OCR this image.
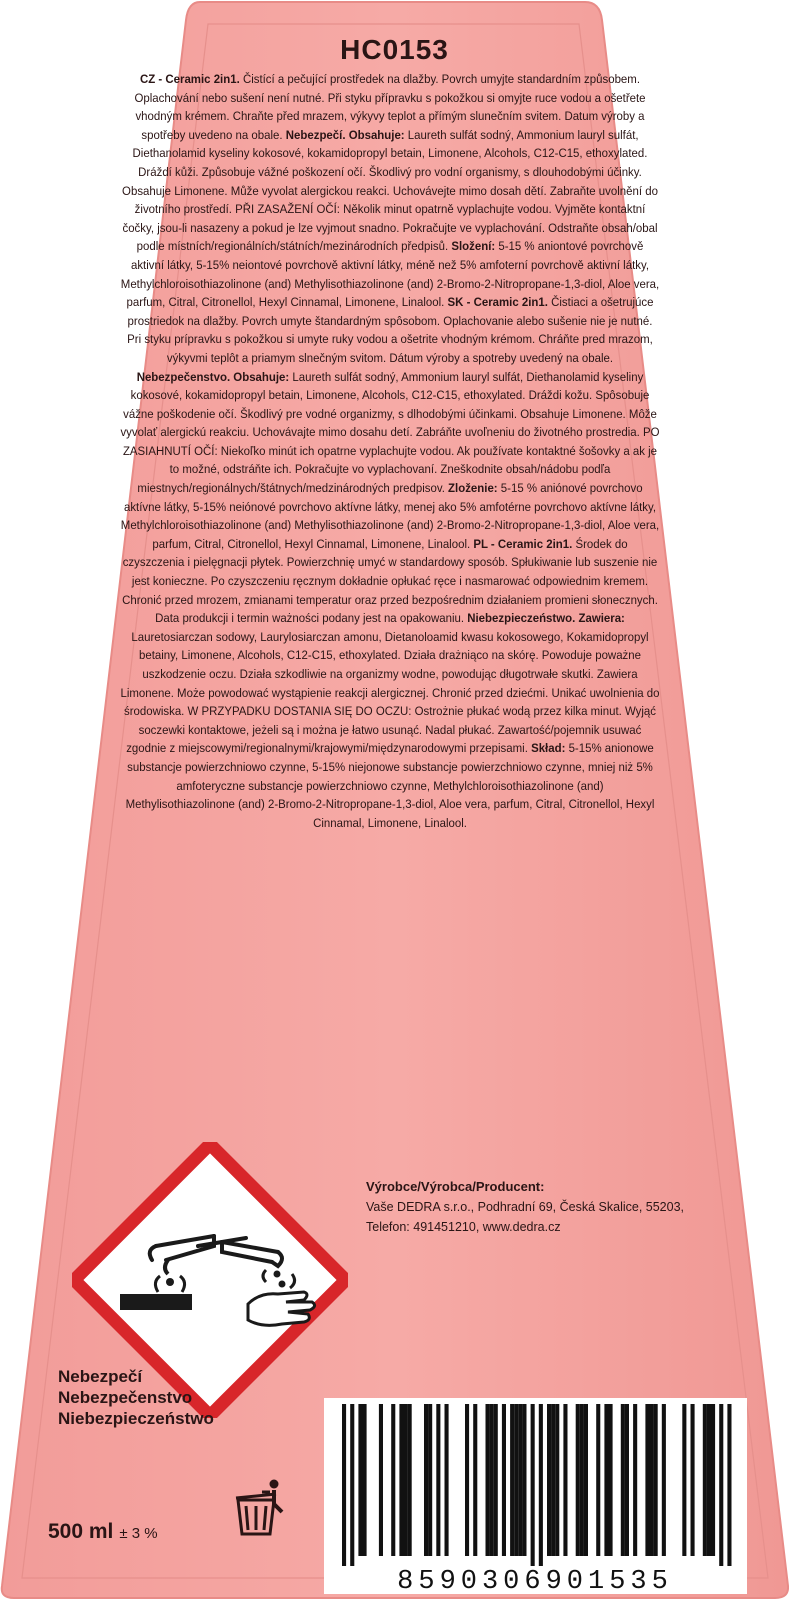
HC0153
CZ - Ceramic 2in1. Čistící a pečující prostředek na dlažby. Povrch umyjte standardním způsobem. Oplachování nebo sušení není nutné. Při styku přípravku s pokožkou si omyjte ruce vodou a ošetřete vhodným krémem. Chraňte před mrazem, výkyvy teplot a přímým slunečním svitem. Datum výroby a spotřeby uvedeno na obale. Nebezpečí. Obsahuje: Laureth sulfát sodný, Ammonium lauryl sulfát, Diethanolamid kyseliny kokosové, kokamidopropyl betain, Limonene, Alcohols, C12-C15, ethoxylated. Dráždí kůži. Způsobuje vážné poškození očí. Škodlivý pro vodní organismy, s dlouhodobými účinky. Obsahuje Limonene. Může vyvolat alergickou reakci. Uchovávejte mimo dosah dětí. Zabraňte uvolnění do životního prostředí. PŘI ZASAŽENÍ OČÍ: Několik minut opatrně vyplachujte vodou. Vyjměte kontaktní čočky, jsou-li nasazeny a pokud je lze vyjmout snadno. Pokračujte ve vyplachování. Odstraňte obsah/obal podle místních/regionálních/státních/mezinárodních předpisů. Složení: 5-15 % aniontové povrchově aktivní látky, 5-15% neiontové povrchově aktivní látky, méně než 5% amfoterní povrchově aktivní látky, Methylchloroisothiazolinone (and) Methylisothiazolinone (and) 2-Bromo-2-Nitropropane-1,3-diol, Aloe vera, parfum, Citral, Citronellol, Hexyl Cinnamal, Limonene, Linalool. SK - Ceramic 2in1. Čistiaci a ošetrujúce prostriedok na dlažby. Povrch umyte štandardným spôsobom. Oplachovanie alebo sušenie nie je nutné. Pri styku prípravku s pokožkou si umyte ruky vodou a ošetrite vhodným krémom. Chráňte pred mrazom, výkyvmi teplôt a priamym slnečným svitom. Dátum výroby a spotreby uvedený na obale. Nebezpečenstvo. Obsahuje: Laureth sulfát sodný, Ammonium lauryl sulfát, Diethanolamid kyseliny kokosové, kokamidopropyl betain, Limonene, Alcohols, C12-C15, ethoxylated. Dráždi kožu. Spôsobuje vážne poškodenie očí. Škodlivý pre vodné organizmy, s dlhodobými účinkami. Obsahuje Limonene. Môže vyvolať alergickú reakciu. Uchovávajte mimo dosahu detí. Zabráňte uvoľneniu do životného prostredia. PO ZASIAHNUTÍ OČÍ: Niekoľko minút ich opatrne vyplachujte vodou. Ak používate kontaktné šošovky a ak je to možné, odstráňte ich. Pokračujte vo vyplachovaní. Zneškodnite obsah/nádobu podľa miestnych/regionálnych/štátnych/medzinárodných predpisov. Zloženie: 5-15 % aniónové povrchovo aktívne látky, 5-15% neiónové povrchovo aktívne látky, menej ako 5% amfotérne povrchovo aktívne látky, Methylchloroisothiazolinone (and) Methylisothiazolinone (and) 2-Bromo-2-Nitropropane-1,3-diol, Aloe vera, parfum, Citral, Citronellol, Hexyl Cinnamal, Limonene, Linalool. PL - Ceramic 2in1. Środek do czyszczenia i pielęgnacji płytek. Powierzchnię umyć w standardowy sposób. Spłukiwanie lub suszenie nie jest konieczne. Po czyszczeniu ręcznym dokładnie opłukać ręce i nasmarować odpowiednim kremem. Chronić przed mrozem, zmianami temperatur oraz przed bezpośrednim działaniem promieni słonecznych. Data produkcji i termin ważności podany jest na opakowaniu. Niebezpieczeństwo. Zawiera: Lauretosiarczan sodowy, Laurylosiarczan amonu, Dietanoloamid kwasu kokosowego, Kokamidopropyl betainy, Limonene, Alcohols, C12-C15, ethoxylated. Działa drażniąco na skórę. Powoduje poważne uszkodzenie oczu. Działa szkodliwie na organizmy wodne, powodując długotrwałe skutki. Zawiera Limonene. Może powodować wystąpienie reakcji alergicznej. Chronić przed dziećmi. Unikać uwolnienia do środowiska. W PRZYPADKU DOSTANIA SIĘ DO OCZU: Ostrożnie płukać wodą przez kilka minut. Wyjąć soczewki kontaktowe, jeżeli są i można je łatwo usunąć. Nadal płukać. Zawartość/pojemnik usuwać zgodnie z miejscowymi/regionalnymi/krajowymi/międzynarodowymi przepisami. Skład: 5-15% anionowe substancje powierzchniowo czynne, 5-15% niejonowe substancje powierzchniowo czynne, mniej niż 5% amfoteryczne substancje powierzchniowo czynne, Methylchloroisothiazolinone (and) Methylisothiazolinone (and) 2-Bromo-2-Nitropropane-1,3-diol, Aloe vera, parfum, Citral, Citronellol, Hexyl Cinnamal, Limonene, Linalool.
Výrobce/Výrobca/Producent:
Vaše DEDRA s.r.o., Podhradní 69, Česká Skalice, 55203,
Telefon: 491451210, www.dedra.cz
8590306901535
Nebezpečí
Nebezpečenstvo
Niebezpieczeństwo
500 ml ± 3 %
